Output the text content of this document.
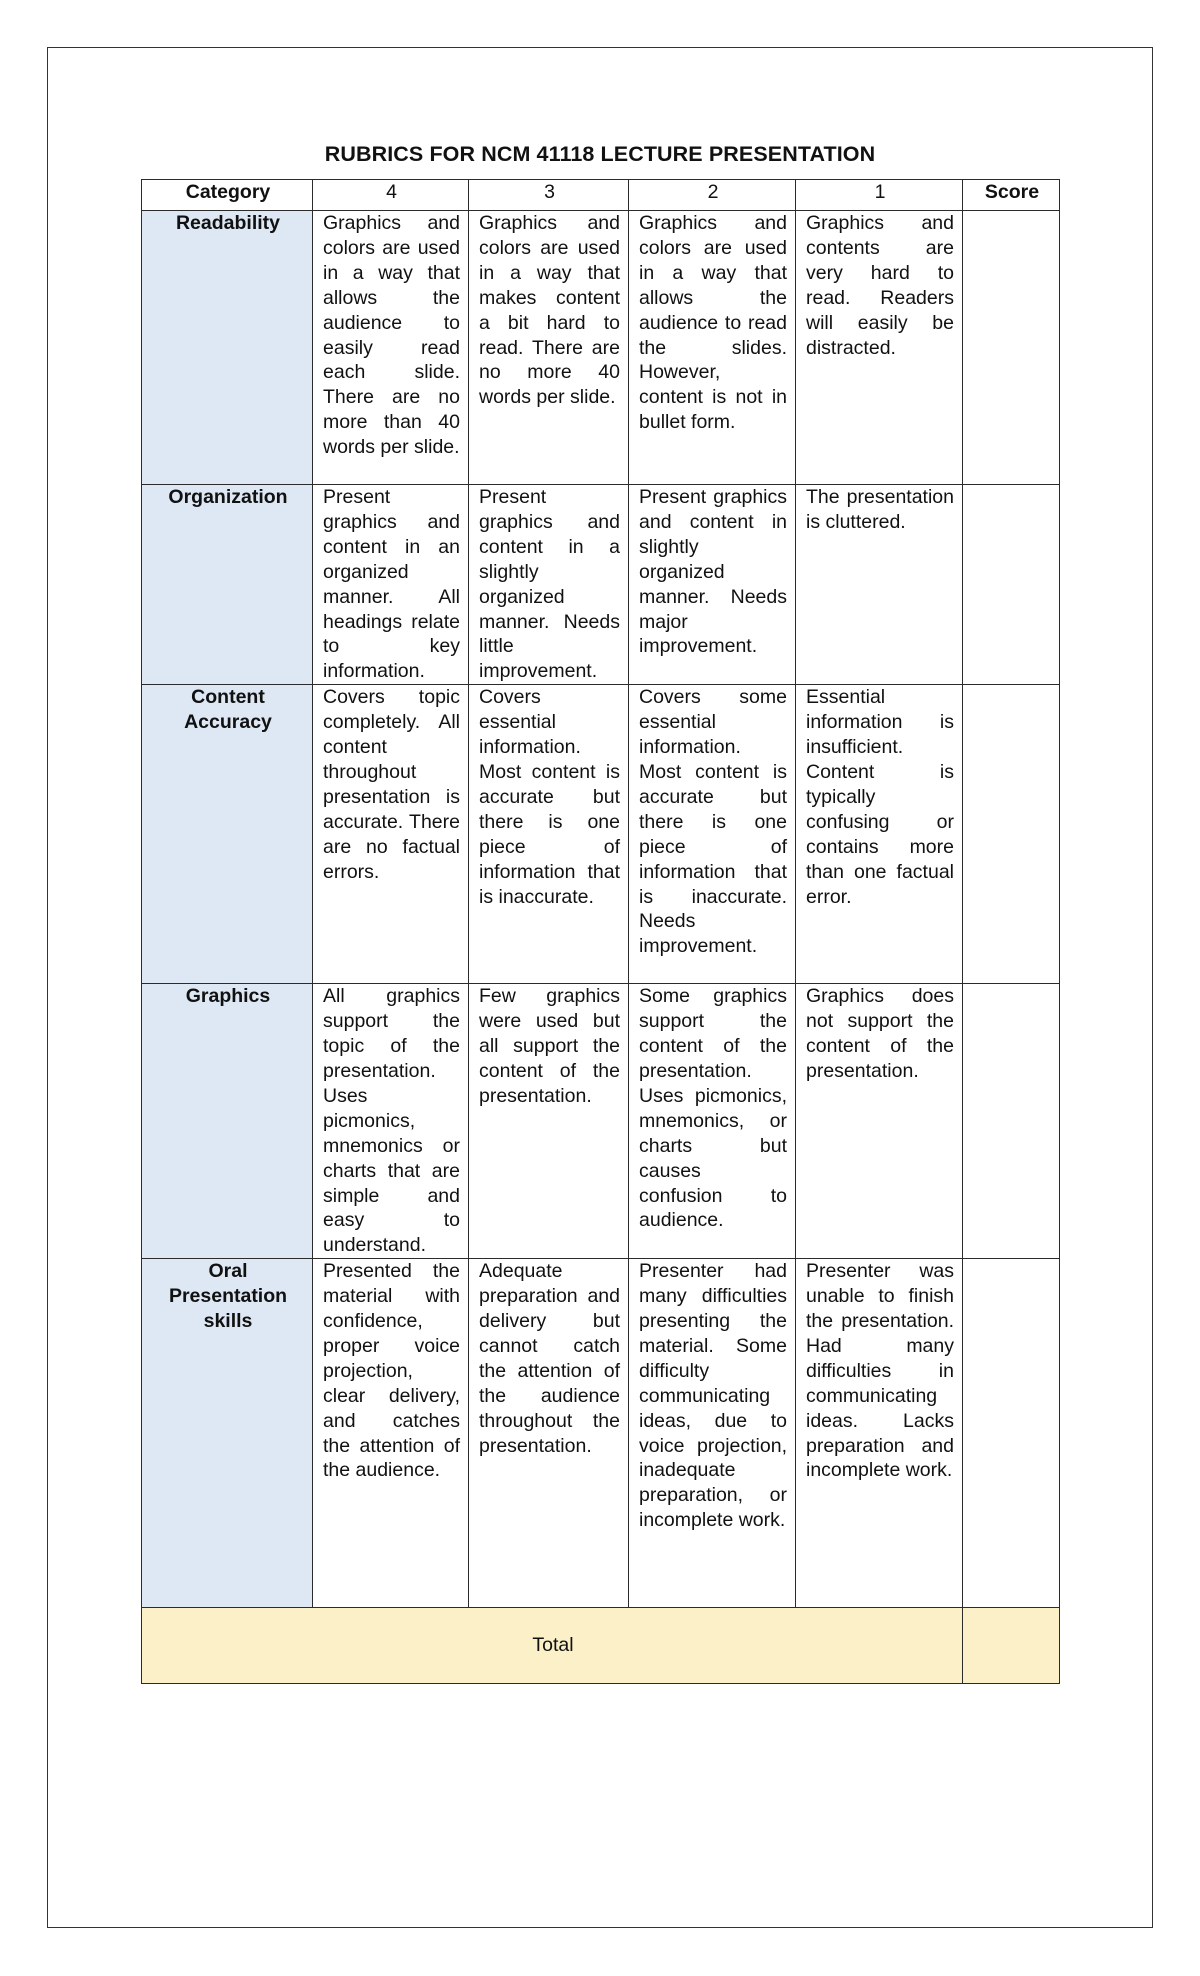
RUBRICS FOR NCM 41118 LECTURE PRESENTATION
Category	4	3	2	1	Score
Readability	Graphics and colors are used in a way that allows the audience to easily read each slide. There are no more than 40 words per slide.	Graphics and colors are used in a way that makes content a bit hard to read. There are no more 40 words per slide.	Graphics and colors are used in a way that allows the audience to read the slides. However, content is not in bullet form.	Graphics and contents are very hard to read. Readers will easily be distracted.	
Organization	Present graphics and content in an organized manner. All headings relate to key information.	Present graphics and content in a slightly organized manner. Needs little improvement.	Present graphics and content in slightly organized manner. Needs major improvement.	The presentation is cluttered.	
Content Accuracy	Covers topic completely. All content throughout presentation is accurate. There are no factual errors.	Covers essential information. Most content is accurate but there is one piece of information that is inaccurate.	Covers some essential information. Most content is accurate but there is one piece of information that is inaccurate. Needs improvement.	Essential information is insufficient. Content is typically confusing or contains more than one factual error.	
Graphics	All graphics support the topic of the presentation. Uses picmonics, mnemonics or charts that are simple and easy to understand.	Few graphics were used but all support the content of the presentation.	Some graphics support the content of the presentation. Uses picmonics, mnemonics, or charts but causes confusion to audience.	Graphics does not support the content of the presentation.	
Oral Presentation skills	Presented the material with confidence, proper voice projection, clear delivery, and catches the attention of the audience.	Adequate preparation and delivery but cannot catch the attention of the audience throughout the presentation.	Presenter had many difficulties presenting the material. Some difficulty communicating ideas, due to voice projection, inadequate preparation, or incomplete work.	Presenter was unable to finish the presentation. Had many difficulties in communicating ideas. Lacks preparation and incomplete work.	
Total					
